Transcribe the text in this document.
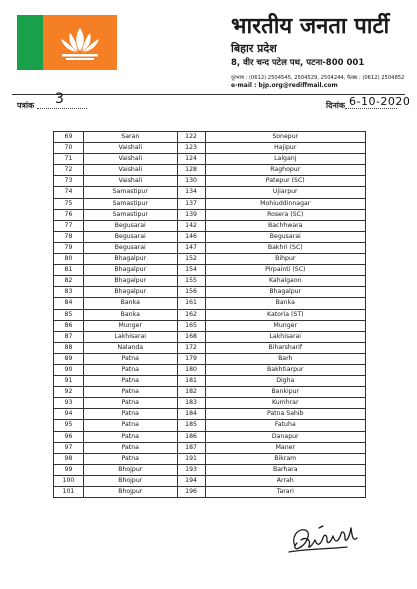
भारतीय जनता पार्टी
बिहार प्रदेश
8, वीर चन्द पटेल पथ, पटना-800 001
दूरभाष : (0612) 2504545, 2504529, 2504244, फैक्स : (0612) 2504852
e-mail : bjp.org@rediffmail.com
पत्रांक 3	दिनांक 6-10-2020
69	Saran	122	Sonepur
70	Vaishali	123	Hajipur
71	Vaishali	124	Lalganj
72	Vaishali	128	Raghopur
73	Vaishali	130	Patepur (SC)
74	Samastipur	134	Ujiarpur
75	Samastipur	137	Mohiuddinnagar
76	Samastipur	139	Rosera (SC)
77	Begusarai	142	Bachhwara
78	Begusarai	146	Begusarai
79	Begusarai	147	Bakhri (SC)
80	Bhagalpur	152	Bihpur
81	Bhagalpur	154	Pirpainti (SC)
82	Bhagalpur	155	Kahalgaon
83	Bhagalpur	156	Bhagalpur
84	Banka	161	Banka
85	Banka	162	Katoria (ST)
86	Munger	165	Munger
87	Lakhisarai	168	Lakhisarai
88	Nalanda	172	Biharsharif
89	Patna	179	Barh
90	Patna	180	Bakhtiarpur
91	Patna	181	Digha
92	Patna	182	Bankipur
93	Patna	183	Kumhrar
94	Patna	184	Patna Sahib
95	Patna	185	Fatuha
96	Patna	186	Danapur
97	Patna	187	Maner
98	Patna	191	Bikram
99	Bhojpur	193	Barhara
100	Bhojpur	194	Arrah
101	Bhojpur	196	Tarari
